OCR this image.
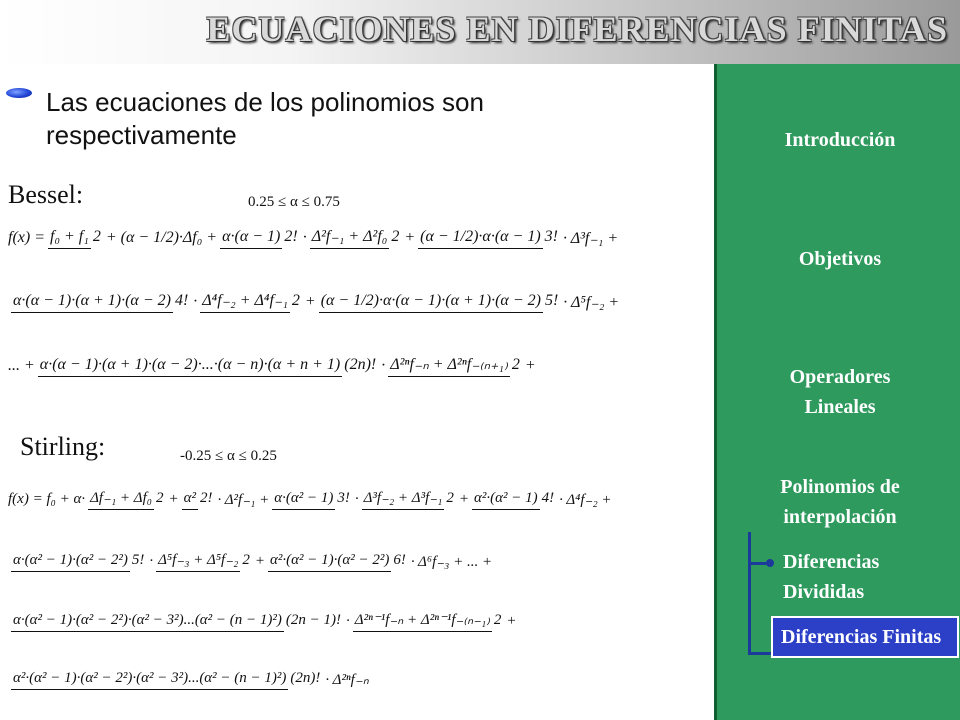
ECUACIONES EN DIFERENCIAS FINITAS
Introducción
Objetivos
Operadores Lineales
Polinomios de interpolación
Diferencias Divididas
Diferencias Finitas
Las ecuaciones de los polinomios son respectivamente
Bessel:	0.25 ≤ α ≤ 0.75
f(x) = f₀ + f₁ 2 + (α − 1/2)·Δf₀ + α·(α − 1) 2! · Δ²f₋₁ + Δ²f₀ 2 + (α − 1/2)·α·(α − 1) 3! · Δ³f₋₁ +
α·(α − 1)·(α + 1)·(α − 2) 4! · Δ⁴f₋₂ + Δ⁴f₋₁ 2 + (α − 1/2)·α·(α − 1)·(α + 1)·(α − 2) 5! · Δ⁵f₋₂ +
... + α·(α − 1)·(α + 1)·(α − 2)·...·(α − n)·(α + n + 1) (2n)! · Δ²ⁿf₋ₙ + Δ²ⁿf₋₍ₙ₊₁₎ 2 +
Stirling:	-0.25 ≤ α ≤ 0.25
f(x) = f₀ + α· Δf₋₁ + Δf₀ 2 + α² 2! · Δ²f₋₁ + α·(α² − 1) 3! · Δ³f₋₂ + Δ³f₋₁ 2 + α²·(α² − 1) 4! · Δ⁴f₋₂ +
α·(α² − 1)·(α² − 2²) 5! · Δ⁵f₋₃ + Δ⁵f₋₂ 2 + α²·(α² − 1)·(α² − 2²) 6! · Δ⁶f₋₃ + ... +
α·(α² − 1)·(α² − 2²)·(α² − 3²)...(α² − (n − 1)²) (2n − 1)! · Δ²ⁿ⁻¹f₋ₙ + Δ²ⁿ⁻¹f₋₍ₙ₋₁₎ 2 +
α²·(α² − 1)·(α² − 2²)·(α² − 3²)...(α² − (n − 1)²) (2n)! · Δ²ⁿf₋ₙ
